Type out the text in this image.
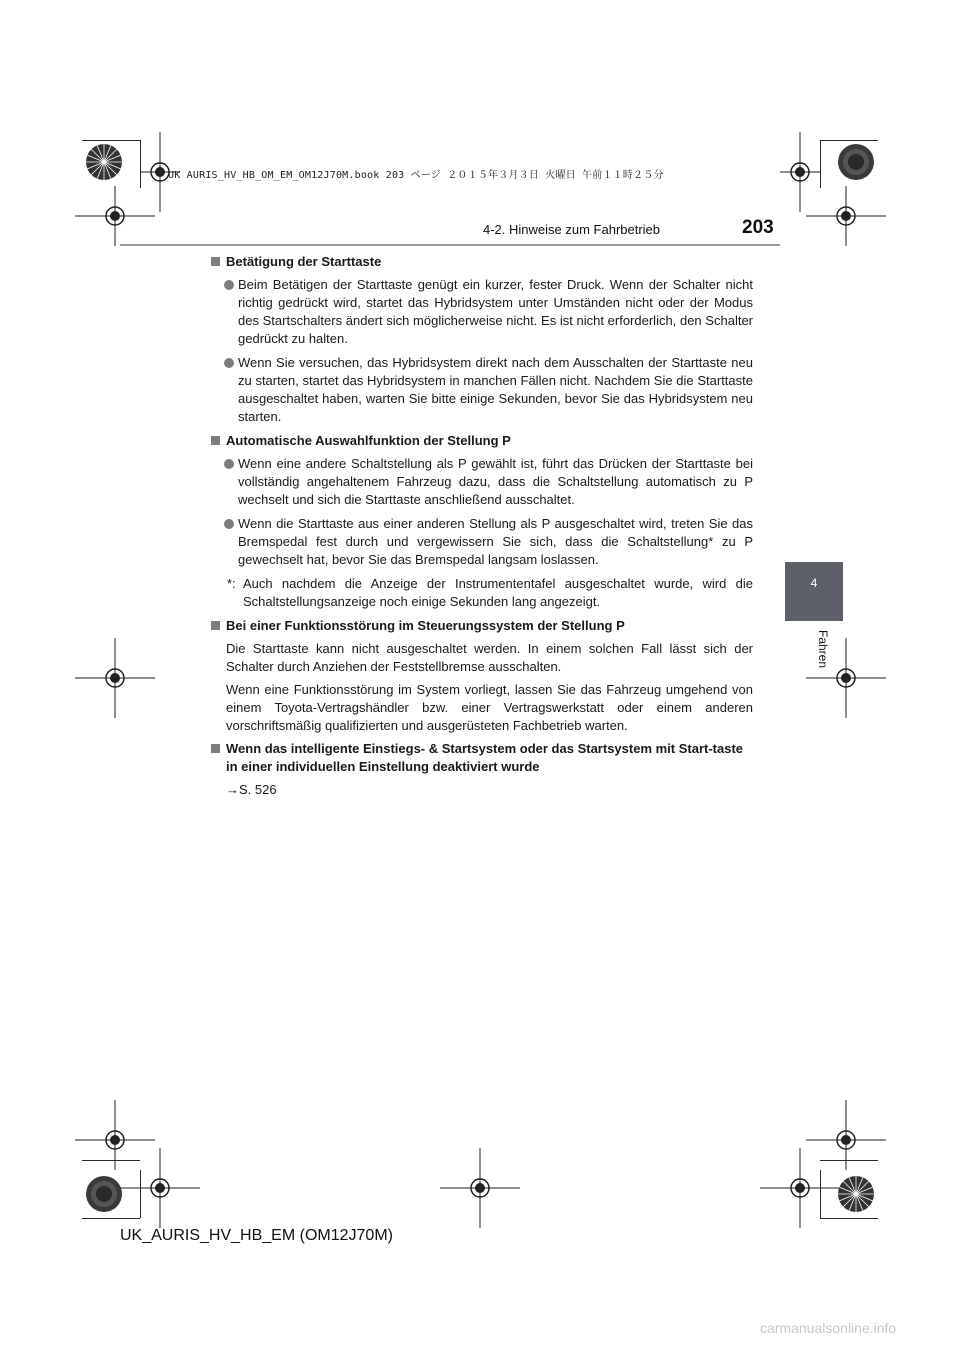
UK AURIS_HV_HB_OM_EM_OM12J70M.book 203 ページ ２０１５年３月３日 火曜日 午前１１時２５分
4-2. Hinweise zum Fahrbetrieb	203
4
Fahren
Betätigung der Starttaste
Beim Betätigen der Starttaste genügt ein kurzer, fester Druck. Wenn der Schalter nicht richtig gedrückt wird, startet das Hybridsystem unter Umständen nicht oder der Modus des Startschalters ändert sich möglicherweise nicht. Es ist nicht erforderlich, den Schalter gedrückt zu halten.
Wenn Sie versuchen, das Hybridsystem direkt nach dem Ausschalten der Starttaste neu zu starten, startet das Hybridsystem in manchen Fällen nicht. Nachdem Sie die Starttaste ausgeschaltet haben, warten Sie bitte einige Sekunden, bevor Sie das Hybridsystem neu starten.
Automatische Auswahlfunktion der Stellung P
Wenn eine andere Schaltstellung als P gewählt ist, führt das Drücken der Starttaste bei vollständig angehaltenem Fahrzeug dazu, dass die Schaltstellung automatisch zu P wechselt und sich die Starttaste anschließend ausschaltet.
Wenn die Starttaste aus einer anderen Stellung als P ausgeschaltet wird, treten Sie das Bremspedal fest durch und vergewissern Sie sich, dass die Schaltstellung* zu P gewechselt hat, bevor Sie das Bremspedal langsam loslassen.
*: Auch nachdem die Anzeige der Instrumententafel ausgeschaltet wurde, wird die Schaltstellungsanzeige noch einige Sekunden lang angezeigt.
Bei einer Funktionsstörung im Steuerungssystem der Stellung P
Die Starttaste kann nicht ausgeschaltet werden. In einem solchen Fall lässt sich der Schalter durch Anziehen der Feststellbremse ausschalten.
Wenn eine Funktionsstörung im System vorliegt, lassen Sie das Fahrzeug umgehend von einem Toyota-Vertragshändler bzw. einer Vertragswerkstatt oder einem anderen vorschriftsmäßig qualifizierten und ausgerüsteten Fachbetrieb warten.
Wenn das intelligente Einstiegs- & Startsystem oder das Startsystem mit Start-taste in einer individuellen Einstellung deaktiviert wurde
→S. 526
UK_AURIS_HV_HB_EM (OM12J70M)
carmanualsonline.info
